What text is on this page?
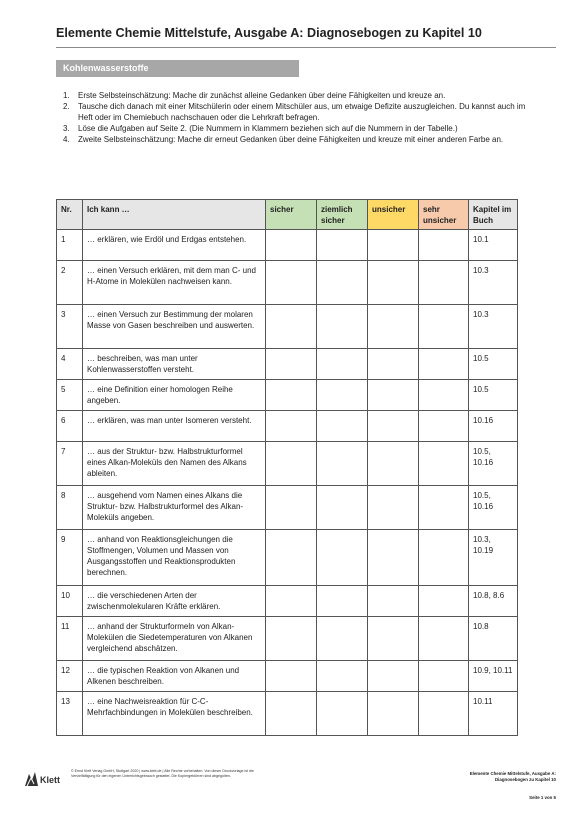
Elemente Chemie Mittelstufe, Ausgabe A: Diagnosebogen zu Kapitel 10
Kohlenwasserstoffe
1.	Erste Selbsteinschätzung: Mache dir zunächst alleine Gedanken über deine Fähigkeiten und kreuze an.
2.	Tausche dich danach mit einer Mitschülerin oder einem Mitschüler aus, um etwaige Defizite auszugleichen. Du kannst auch im Heft oder im Chemiebuch nachschauen oder die Lehrkraft befragen.
3.	Löse die Aufgaben auf Seite 2. (Die Nummern in Klammern beziehen sich auf die Nummern in der Tabelle.)
4.	Zweite Selbsteinschätzung: Mache dir erneut Gedanken über deine Fähigkeiten und kreuze mit einer anderen Farbe an.
Nr.	Ich kann …	sicher	ziemlich sicher	unsicher	sehr unsicher	Kapitel im Buch
1	… erklären, wie Erdöl und Erdgas entstehen.					10.1
2	… einen Versuch erklären, mit dem man C- und H-Atome in Molekülen nachweisen kann.					10.3
3	… einen Versuch zur Bestimmung der molaren Masse von Gasen beschreiben und auswerten.					10.3
4	… beschreiben, was man unter Kohlenwasserstoffen versteht.					10.5
5	… eine Definition einer homologen Reihe angeben.					10.5
6	… erklären, was man unter Isomeren versteht.					10.16
7	… aus der Struktur- bzw. Halbstrukturformel eines Alkan-Moleküls den Namen des Alkans ableiten.					10.5, 10.16
8	… ausgehend vom Namen eines Alkans die Struktur- bzw. Halbstrukturformel des Alkan-Moleküls angeben.					10.5, 10.16
9	… anhand von Reaktionsgleichungen die Stoffmengen, Volumen und Massen von Ausgangsstoffen und Reaktionsprodukten berechnen.					10.3, 10.19
10	… die verschiedenen Arten der zwischenmolekularen Kräfte erklären.					10.8, 8.6
11	… anhand der Strukturformeln von Alkan-Molekülen die Siedetemperaturen von Alkanen vergleichend abschätzen.					10.8
12	… die typischen Reaktion von Alkanen und Alkenen beschreiben.					10.9, 10.11
13	… eine Nachweisreaktion für C-C-Mehrfachbindungen in Molekülen beschreiben.					10.11
Klett
© Ernst Klett Verlag GmbH, Stuttgart 2020 | www.klett.de | Alle Rechte vorbehalten. Von dieser Druckvorlage ist die Vervielfältigung für den eigenen Unterrichtsgebrauch gestattet. Die Kopiergebühren sind abgegolten.
Elemente Chemie Mittelstufe, Ausgabe A:
Diagnosebogen zu Kapitel 10
Seite 1 von 5
